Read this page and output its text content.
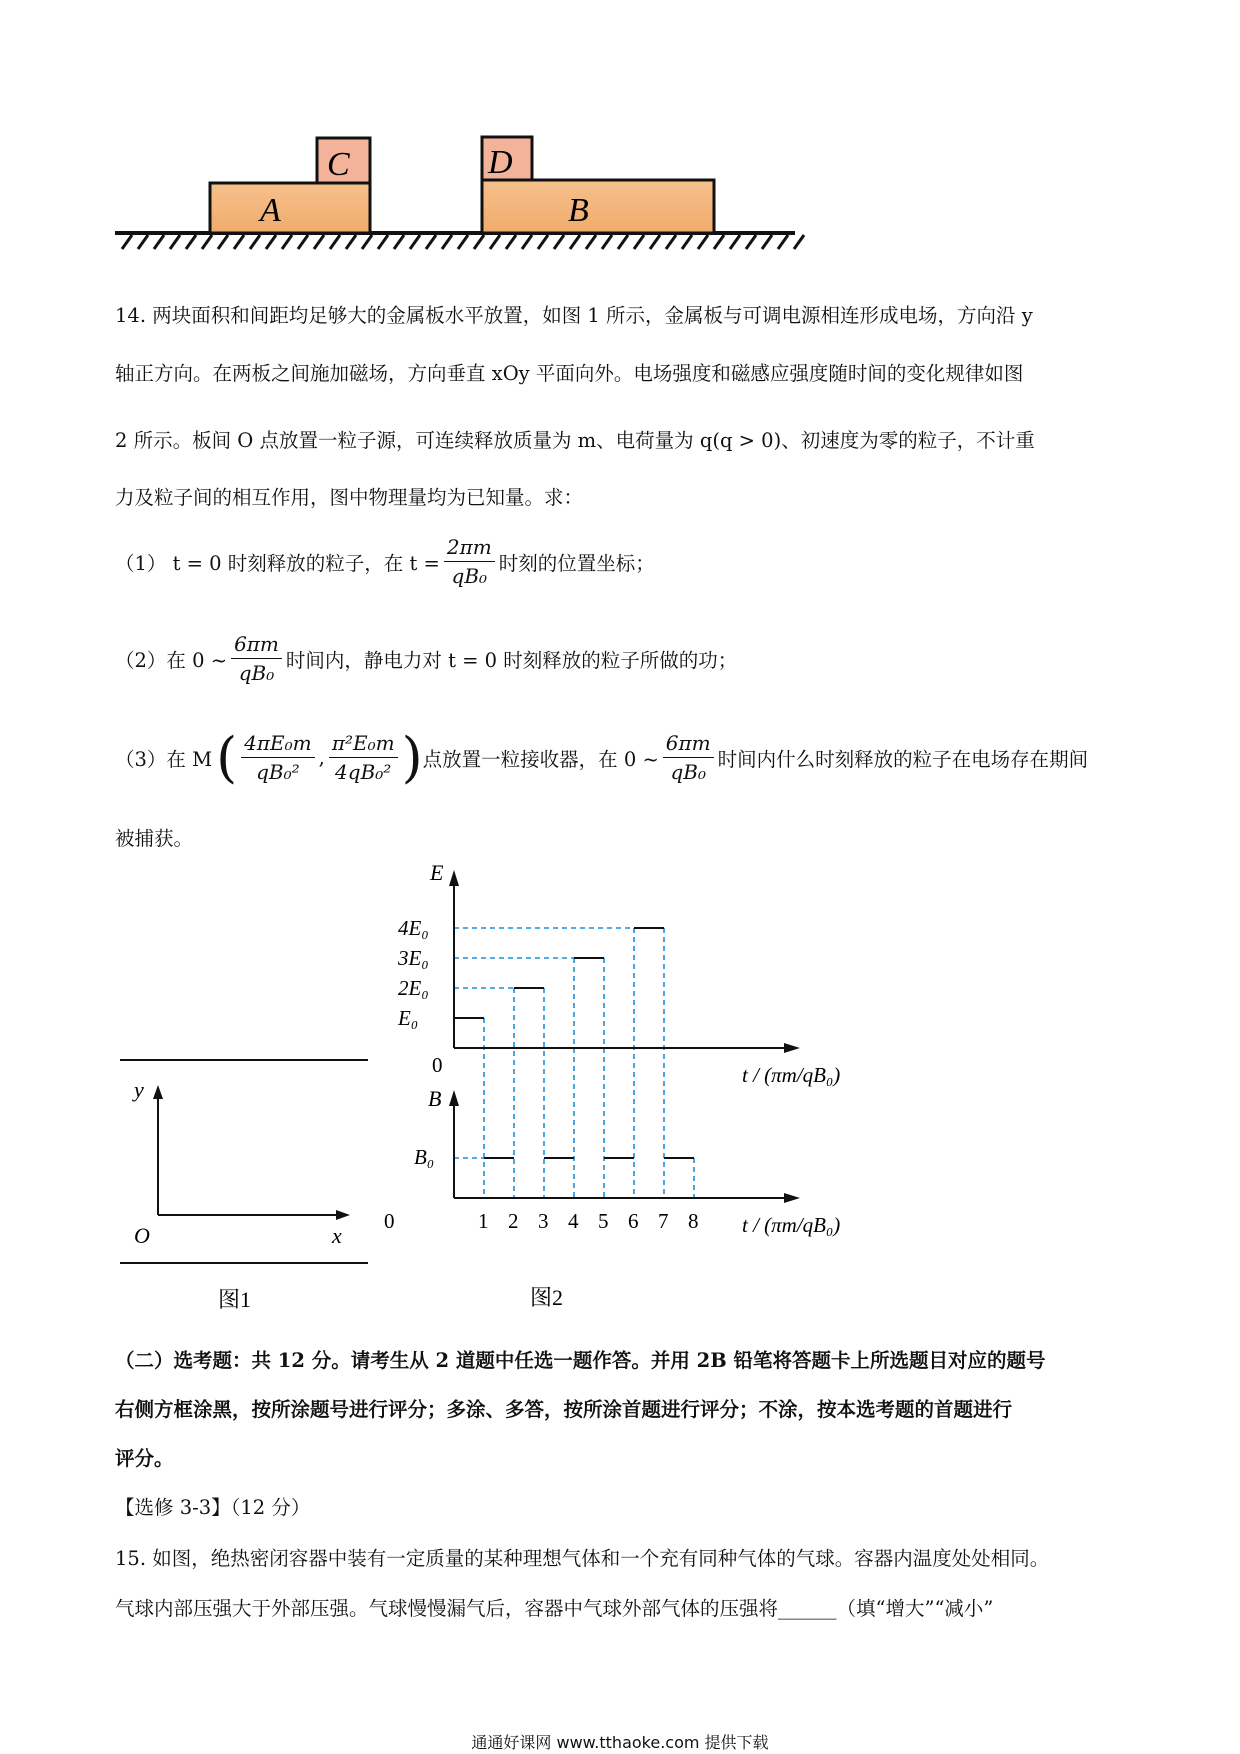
A
C
B
D
14. 两块面积和间距均足够大的金属板水平放置，如图 1 所示，金属板与可调电源相连形成电场，方向沿 y
轴正方向。在两板之间施加磁场，方向垂直 xOy 平面向外。电场强度和磁感应强度随时间的变化规律如图
2 所示。板间 O 点放置一粒子源，可连续释放质量为 m、电荷量为 q(q > 0)、初速度为零的粒子，不计重
力及粒子间的相互作用，图中物理量均为已知量。求：
（1） t = 0 时刻释放的粒子，在 $t = \frac{2\pi m}{\text{qB₀}}$ 时刻的位置坐标；
（2）在 0 ~ $\frac{6\pi m}{\text{qB₀}}$ 时间内，静电力对 t = 0 时刻释放的粒子所做的功；
（3）在 M ( $\frac{\text{4πE₀m}}{\text{qB₀²}}$ , $\frac{\text{π²E₀m}}{\text{4qB₀²}}$ ) 点放置一粒接收器，在 0 ~ $\frac{6\pi m}{\text{qB₀}}$ 时间内什么时刻释放的粒子在电场存在期间
被捕获。
y
x
O
图1
E
B
E₀
2E₀
3E₀
4E₀
B₀
0
0	1 2 3 4 5 6 7 8
t / (πm/qB₀)
t / (πm/qB₀)
图2
（二）选考题：共 12 分。请考生从 2 道题中任选一题作答。并用 2B 铅笔将答题卡上所选题目对应的题号
右侧方框涂黑，按所涂题号进行评分；多涂、多答，按所涂首题进行评分；不涂，按本选考题的首题进行
评分。
【选修 3-3】（12 分）
15. 如图，绝热密闭容器中装有一定质量的某种理想气体和一个充有同种气体的气球。容器内温度处处相同。
气球内部压强大于外部压强。气球慢慢漏气后，容器中气球外部气体的压强将______（填“增大”“减小”
通通好课网 www.tthaoke.com 提供下载
